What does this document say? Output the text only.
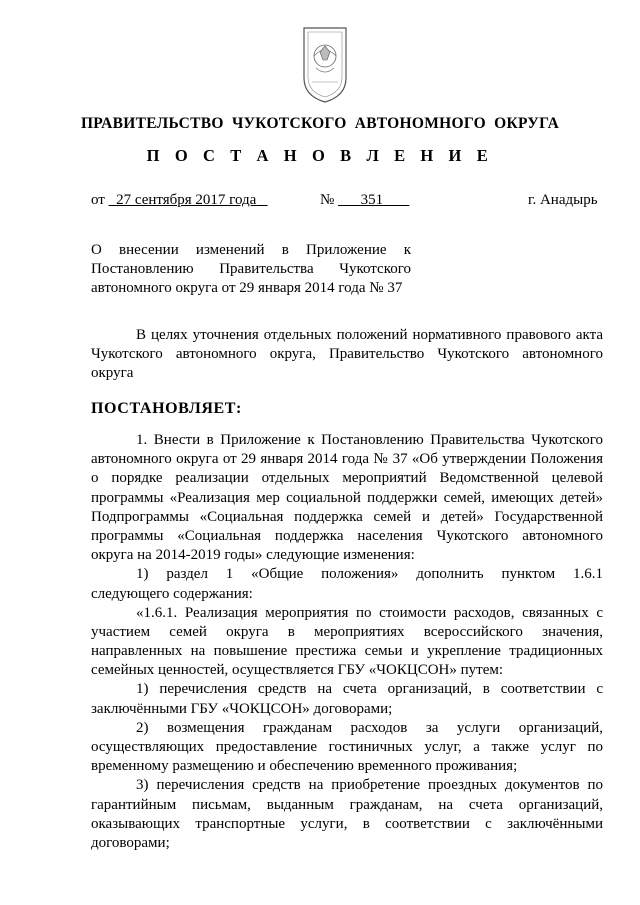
ПРАВИТЕЛЬСТВО ЧУКОТСКОГО АВТОНОМНОГО ОКРУГА
П О С Т А Н О В Л Е Н И Е
от 27 сентября 2017 года	№ 351	г. Анадырь
О внесении изменений в Приложение к
Постановлению Правительства Чукотского
автономного округа от 29 января 2014 года № 37
В целях уточнения отдельных положений нормативного правового акта
Чукотского автономного округа, Правительство Чукотского автономного
округа
ПОСТАНОВЛЯЕТ:
1. Внести в Приложение к Постановлению Правительства Чукотского
автономного округа от 29 января 2014 года № 37 «Об утверждении Положения
о порядке реализации отдельных мероприятий Ведомственной целевой
программы «Реализация мер социальной поддержки семей, имеющих детей»
Подпрограммы «Социальная поддержка семей и детей» Государственной
программы «Социальная поддержка населения Чукотского автономного
округа на 2014-2019 годы» следующие изменения:
1) раздел 1 «Общие положения» дополнить пунктом 1.6.1
следующего содержания:
«1.6.1. Реализация мероприятия по стоимости расходов, связанных с
участием семей округа в мероприятиях всероссийского значения,
направленных на повышение престижа семьи и укрепление традиционных
семейных ценностей, осуществляется ГБУ «ЧОКЦСОН» путем:
1) перечисления средств на счета организаций, в соответствии с
заключёнными ГБУ «ЧОКЦСОН» договорами;
2) возмещения гражданам расходов за услуги организаций,
осуществляющих предоставление гостиничных услуг, а также услуг по
временному размещению и обеспечению временного проживания;
3) перечисления средств на приобретение проездных документов по
гарантийным письмам, выданным гражданам, на счета организаций,
оказывающих транспортные услуги, в соответствии с заключёнными
договорами;
